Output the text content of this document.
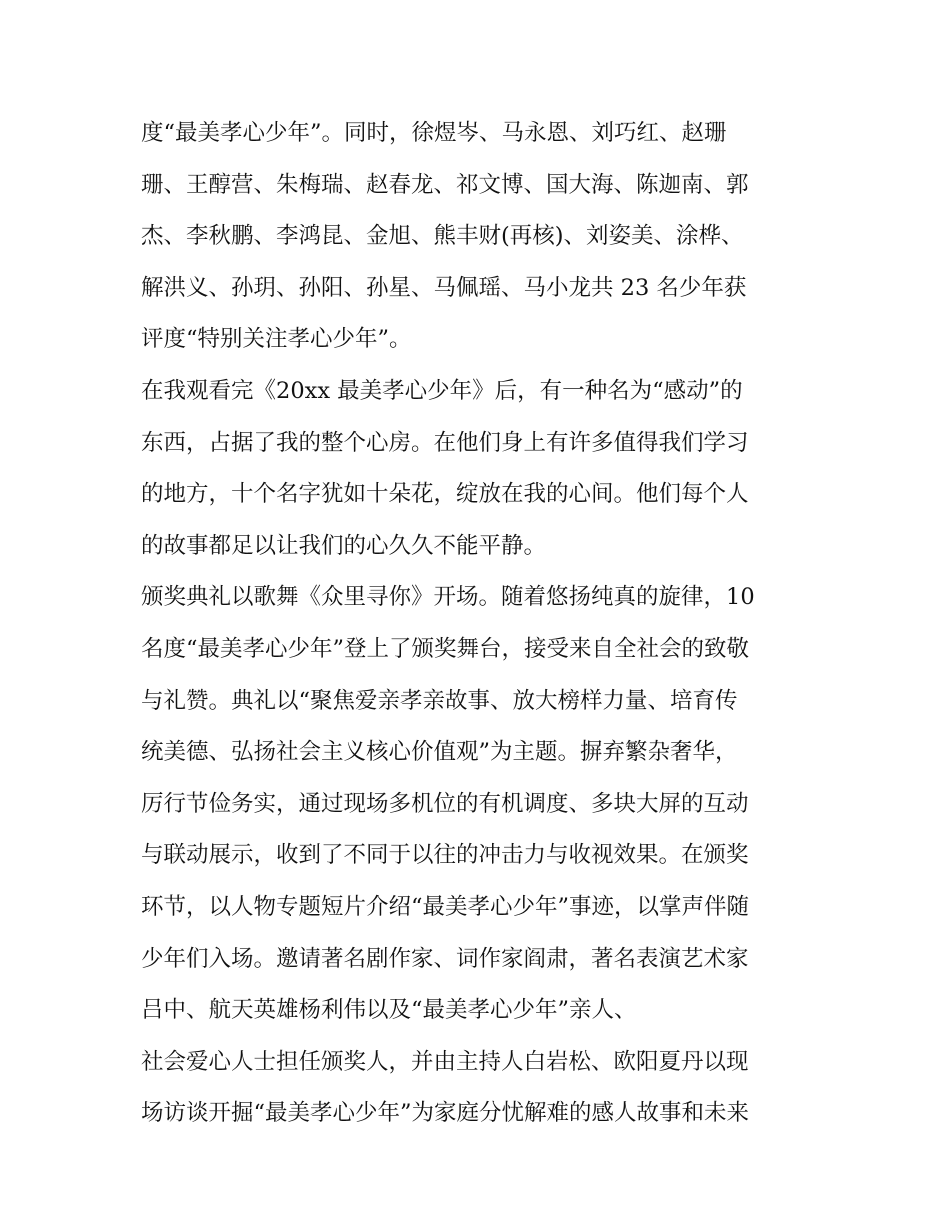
度“最美孝心少年”。同时，徐煜岑、马永恩、刘巧红、赵珊
珊、王醇营、朱梅瑞、赵春龙、祁文博、国大海、陈迦南、郭
杰、李秋鹏、李鸿昆、金旭、熊丰财(再核)、刘姿美、涂桦、
解洪义、孙玥、孙阳、孙星、马佩瑶、马小龙共 23 名少年获
评度“特别关注孝心少年”。
在我观看完《20xx 最美孝心少年》后，有一种名为“感动”的
东西，占据了我的整个心房。在他们身上有许多值得我们学习
的地方，十个名字犹如十朵花，绽放在我的心间。他们每个人
的故事都足以让我们的心久久不能平静。
颁奖典礼以歌舞《众里寻你》开场。随着悠扬纯真的旋律，10
名度“最美孝心少年”登上了颁奖舞台，接受来自全社会的致敬
与礼赞。典礼以“聚焦爱亲孝亲故事、放大榜样力量、培育传
统美德、弘扬社会主义核心价值观”为主题。摒弃繁杂奢华，
厉行节俭务实，通过现场多机位的有机调度、多块大屏的互动
与联动展示，收到了不同于以往的冲击力与收视效果。在颁奖
环节，以人物专题短片介绍“最美孝心少年”事迹，以掌声伴随
少年们入场。邀请著名剧作家、词作家阎肃，著名表演艺术家
吕中、航天英雄杨利伟以及“最美孝心少年”亲人、
社会爱心人士担任颁奖人，并由主持人白岩松、欧阳夏丹以现
场访谈开掘“最美孝心少年”为家庭分忧解难的感人故事和未来
